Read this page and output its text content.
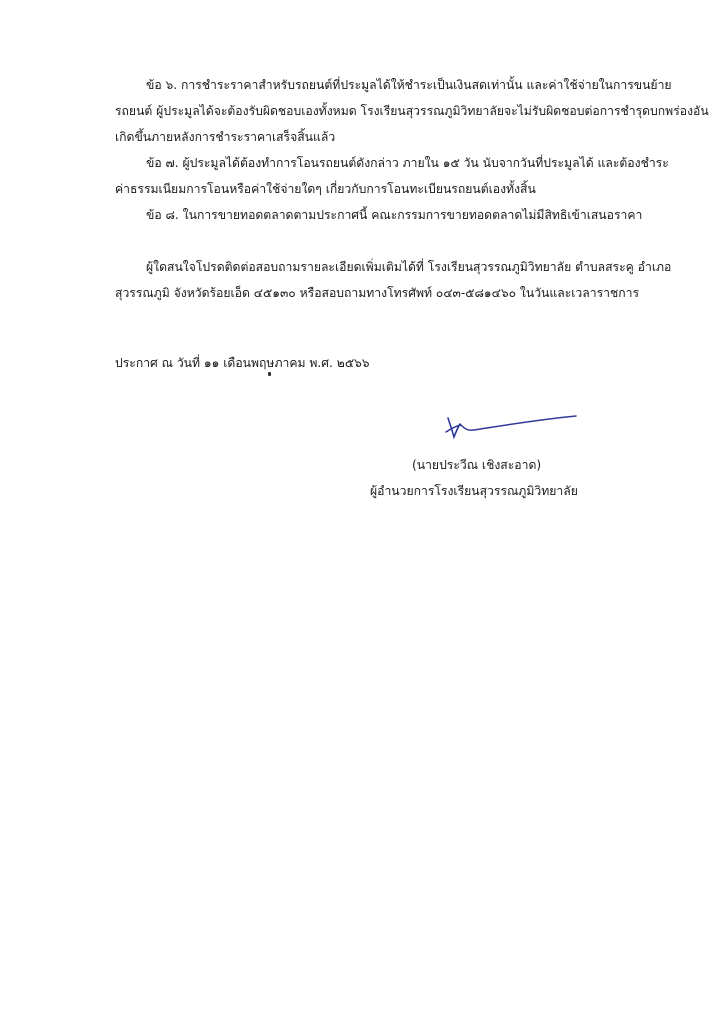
ข้อ ๖. การชำระราคาสำหรับรถยนต์ที่ประมูลได้ให้ชำระเป็นเงินสดเท่านั้น และค่าใช้จ่ายในการขนย้าย
รถยนต์ ผู้ประมูลได้จะต้องรับผิดชอบเองทั้งหมด โรงเรียนสุวรรณภูมิวิทยาลัยจะไม่รับผิดชอบต่อการชำรุดบกพร่องอัน
เกิดขึ้นภายหลังการชำระราคาเสร็จสิ้นแล้ว
ข้อ ๗. ผู้ประมูลได้ต้องทำการโอนรถยนต์ดังกล่าว ภายใน ๑๕ วัน นับจากวันที่ประมูลได้ และต้องชำระ
ค่าธรรมเนียมการโอนหรือค่าใช้จ่ายใดๆ เกี่ยวกับการโอนทะเบียนรถยนต์เองทั้งสิ้น
ข้อ ๘. ในการขายทอดตลาดตามประกาศนี้ คณะกรรมการขายทอดตลาดไม่มีสิทธิเข้าเสนอราคา
ผู้ใดสนใจโปรดติดต่อสอบถามรายละเอียดเพิ่มเติมได้ที่ โรงเรียนสุวรรณภูมิวิทยาลัย ตำบลสระคู อำเภอ
สุวรรณภูมิ จังหวัดร้อยเอ็ด ๔๕๑๓๐ หรือสอบถามทางโทรศัพท์ ๐๔๓-๕๘๑๔๖๐ ในวันและเวลาราชการ
ประกาศ ณ วันที่ ๑๑ เดือนพฤษภาคม พ.ศ. ๒๕๖๖
(นายประวีณ เชิงสะอาด)
ผู้อำนวยการโรงเรียนสุวรรณภูมิวิทยาลัย
